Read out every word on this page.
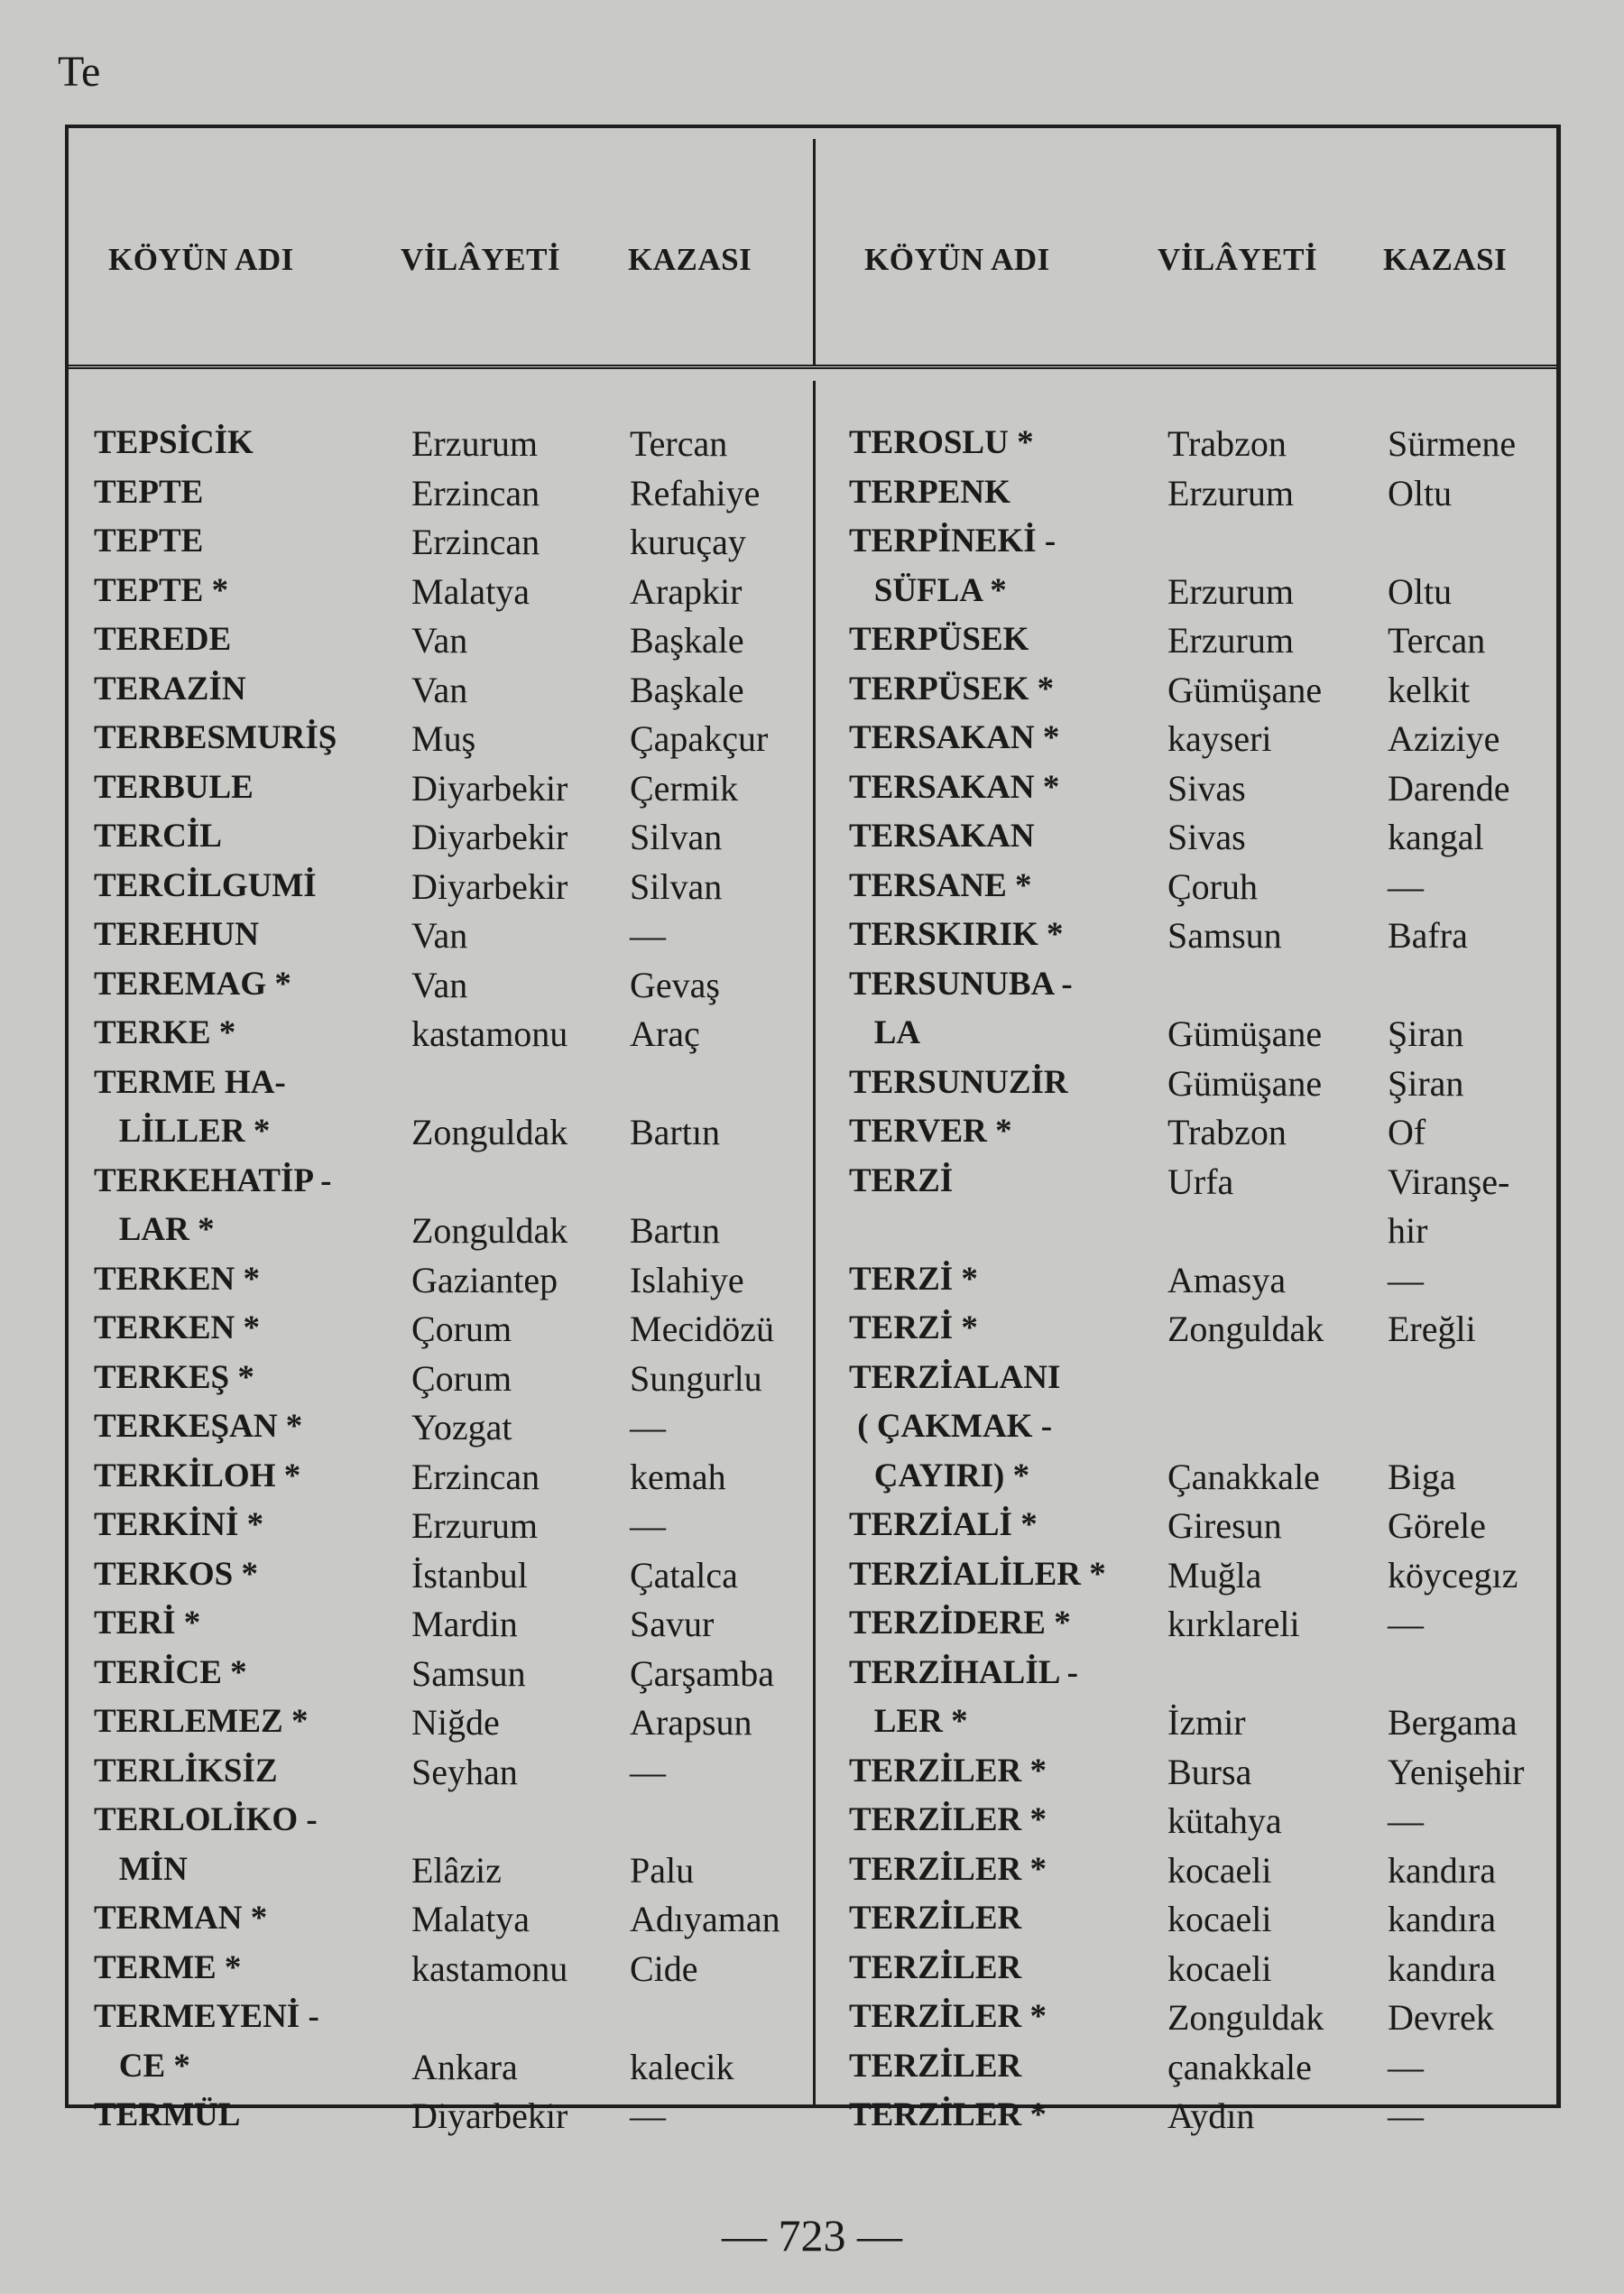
Te
KÖYÜN ADI	VİLÂYETİ KAZASI	KÖYÜN ADI	VİLÂYETİ KAZASI
TEPSİCİK	Erzurum	Tercan
TEPTE	Erzincan Refahiye
TEPTE	Erzincan kuruçay
TEPTE *	Malatya	Arapkir
TEREDE	Van	Başkale
TERAZİN	Van	Başkale
TERBESMURİŞ Muş	Çapakçur
TERBULE	Diyarbekir Çermik
TERCİL	Diyarbekir Silvan
TERCİLGUMİ	Diyarbekir Silvan
TEREHUN	Van	—
TEREMAG *	Van	Gevaş
TERKE *	kastamonu Araç
TERME HA-
LİLLER *	Zonguldak Bartın
TERKEHATİP -
LAR *	Zonguldak Bartın
TERKEN *	Gaziantep Islahiye
TERKEN *	Çorum	Mecidözü
TERKEŞ *	Çorum	Sungurlu
TERKEŞAN *	Yozgat	—
TERKİLOH *	Erzincan kemah
TERKİNİ *	Erzurum	—
TERKOS *	İstanbul	Çatalca
TERİ *	Mardin	Savur
TERİCE *	Samsun	Çarşamba
TERLEMEZ *	Niğde	Arapsun
TERLİKSİZ	Seyhan	—
TERLOLİKO -
MİN	Elâziz	Palu
TERMAN *	Malatya	Adıyaman
TERME *	kastamonu Cide
TERMEYENİ -
CE *	Ankara	kalecik
TERMÜL	Diyarbekir —
TEROSLU *	Trabzon	Sürmene
TERPENK	Erzurum	Oltu
TERPİNEKİ -
SÜFLA *	Erzurum	Oltu
TERPÜSEK	Erzurum	Tercan
TERPÜSEK *	Gümüşane kelkit
TERSAKAN *	kayseri	Aziziye
TERSAKAN *	Sivas	Darende
TERSAKAN	Sivas	kangal
TERSANE *	Çoruh	—
TERSKIRIK *	Samsun	Bafra
TERSUNUBA -
LA	Gümüşane Şiran
TERSUNUZİR	Gümüşane Şiran
TERVER *	Trabzon	Of
TERZİ	Urfa	Viranşe-
hir
TERZİ *	Amasya	—
TERZİ *	Zonguldak Ereğli
TERZİALANI
( ÇAKMAK -
ÇAYIRI) *	Çanakkale Biga
TERZİALİ *	Giresun	Görele
TERZİALİLER * Muğla	köycegız
TERZİDERE *	kırklareli —
TERZİHALİL -
LER *	İzmir	Bergama
TERZİLER *	Bursa	Yenişehir
TERZİLER *	kütahya	—
TERZİLER *	kocaeli	kandıra
TERZİLER	kocaeli	kandıra
TERZİLER	kocaeli	kandıra
TERZİLER *	Zonguldak Devrek
TERZİLER	çanakkale —
TERZİLER *	Aydın	—
— 723 —
